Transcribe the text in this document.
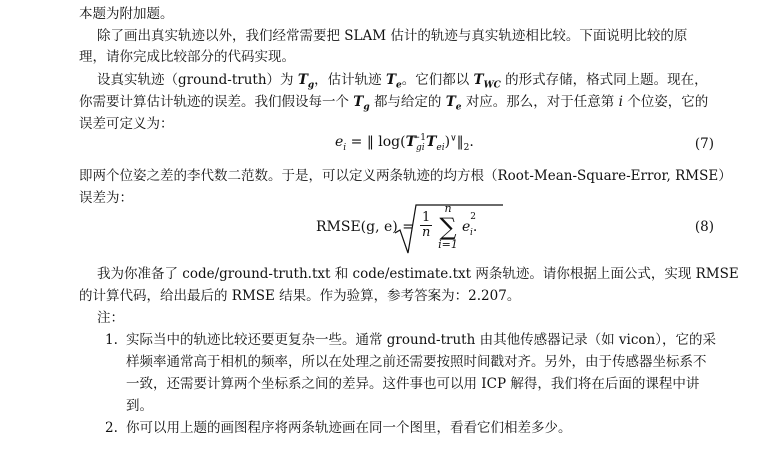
本题为附加题。
除了画出真实轨迹以外，我们经常需要把 SLAM 估计的轨迹与真实轨迹相比较。下面说明比较的原
理，请你完成比较部分的代码实现。
设真实轨迹（ground-truth）为 $T_g$，估计轨迹 $T_e$。它们都以 $T_{WC}$ 的形式存储，格式同上题。现在，
你需要计算估计轨迹的误差。我们假设每一个 $T_g$ 都与给定的 $T_e$ 对应。那么，对于任意第 i 个位姿，它的
误差可定义为：
$e_i$ = ‖ $\log(T_{gi}^{-1}T_{ei})^\vee‖_2$.	(7)
即两个位姿之差的李代数二范数。于是，可以定义两条轨迹的均方根（Root-Mean-Square-Error, RMSE）
误差为：
RMSE(g, $e) = \frac{1}{n}$
n
∑
i=1
$e^2_i$.	(8)
我为你准备了 code/ground-truth.txt 和 code/estimate.txt 两条轨迹。请你根据上面公式，实现 RMSE
的计算代码，给出最后的 RMSE 结果。作为验算，参考答案为：2.207。
注：
1. 实际当中的轨迹比较还要更复杂一些。通常 ground-truth 由其他传感器记录（如 vicon），它的采
样频率通常高于相机的频率，所以在处理之前还需要按照时间戳对齐。另外，由于传感器坐标系不
一致，还需要计算两个坐标系之间的差异。这件事也可以用 ICP 解得，我们将在后面的课程中讲
到。
2. 你可以用上题的画图程序将两条轨迹画在同一个图里，看看它们相差多少。
